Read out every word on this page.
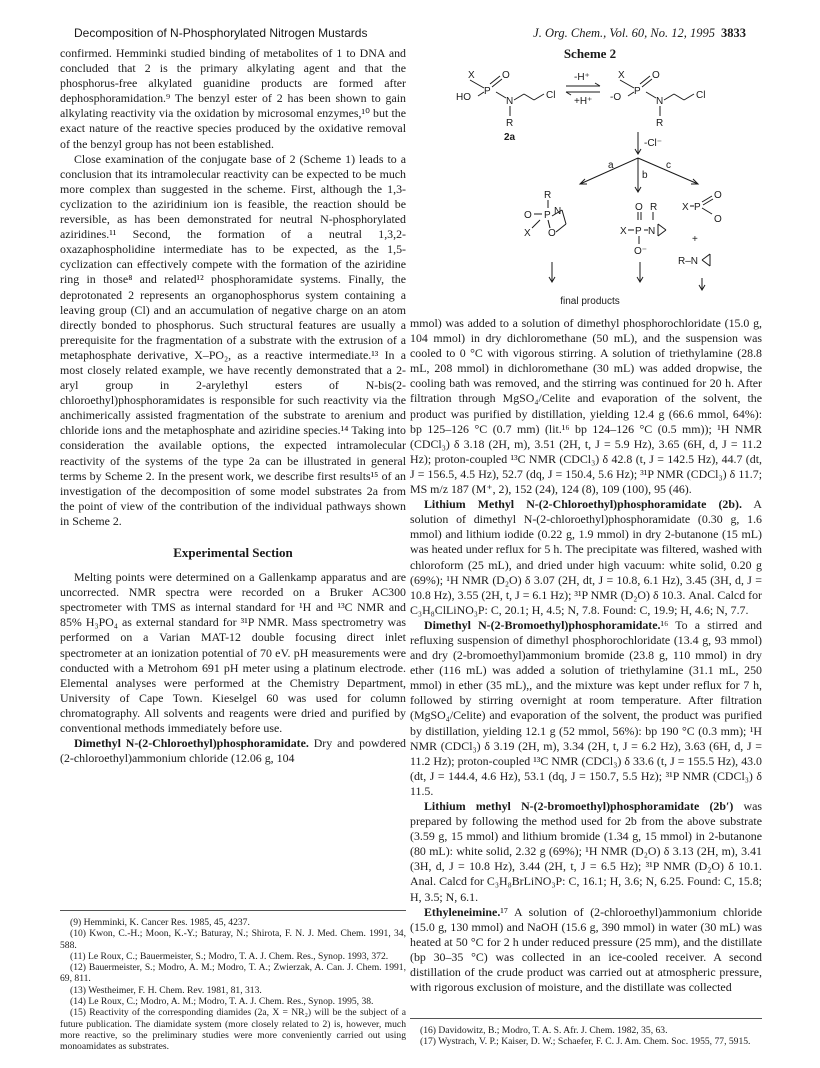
Decomposition of N-Phosphorylated Nitrogen Mustards	J. Org. Chem., Vol. 60, No. 12, 1995 3833

confirmed. Hemminki studied binding of metabolites of 1 to DNA and concluded that 2 is the primary alkylating agent and that the phosphorus-free alkylated guanidine products are formed after dephosphoramidation.⁹ The benzyl ester of 2 has been shown to gain alkylating reactivity via the oxidation by microsomal enzymes,¹⁰ but the exact nature of the reactive species produced by the oxidative removal of the benzyl group has not been established.

Close examination of the conjugate base of 2 (Scheme 1) leads to a conclusion that its intramolecular reactivity can be expected to be much more complex than suggested in the scheme. First, although the 1,3-cyclization to the aziridinium ion is feasible, the reaction should be reversible, as has been demonstrated for neutral N-phosphorylated aziridines.¹¹ Second, the formation of a neutral 1,3,2-oxazaphospholidine intermediate has to be expected, as the 1,5-cyclization can effectively compete with the formation of the aziridine ring in those⁸ and related¹² phosphoramidate systems. Finally, the deprotonated 2 represents an organophosphorus system containing a leaving group (Cl) and an accumulation of negative charge on an atom directly bonded to phosphorus. Such structural features are usually a prerequisite for the fragmentation of a substrate with the extrusion of a metaphosphate derivative, X–PO₂, as a reactive intermediate.¹³ In a most closely related example, we have recently demonstrated that a 2-aryl group in 2-arylethyl esters of N-bis(2-chloroethyl)phosphoramidates is responsible for such reactivity via the anchimerically assisted fragmentation of the substrate to arenium and chloride ions and the metaphosphate and aziridine species.¹⁴ Taking into consideration the available options, the expected intramolecular reactivity of the systems of the type 2a can be illustrated in general terms by Scheme 2. In the present work, we describe first results¹⁵ of an investigation of the decomposition of some model substrates 2a from the point of view of the contribution of the individual pathways shown in Scheme 2.

Experimental Section

Melting points were determined on a Gallenkamp apparatus and are uncorrected. NMR spectra were recorded on a Bruker AC300 spectrometer with TMS as internal standard for ¹H and ¹³C NMR and 85% H₃PO₄ as external standard for ³¹P NMR. Mass spectrometry was performed on a Varian MAT-12 double focusing direct inlet spectrometer at an ionization potential of 70 eV. pH measurements were conducted with a Metrohom 691 pH meter using a platinum electrode. Elemental analyses were performed at the Chemistry Department, University of Cape Town. Kieselgel 60 was used for column chromatography. All solvents and reagents were dried and purified by conventional methods immediately before use.

Dimethyl N-(2-Chloroethyl)phosphoramidate. Dry and powdered (2-chloroethyl)ammonium chloride (12.06 g, 104

(9) Hemminki, K. Cancer Res. 1985, 45, 4237.
(10) Kwon, C.-H.; Moon, K.-Y.; Baturay, N.; Shirota, F. N. J. Med. Chem. 1991, 34, 588.
(11) Le Roux, C.; Bauermeister, S.; Modro, T. A. J. Chem. Res., Synop. 1993, 372.
(12) Bauermeister, S.; Modro, A. M.; Modro, T. A.; Zwierzak, A. Can. J. Chem. 1991, 69, 811.
(13) Westheimer, F. H. Chem. Rev. 1981, 81, 313.
(14) Le Roux, C.; Modro, A. M.; Modro, T. A. J. Chem. Res., Synop. 1995, 38.
(15) Reactivity of the corresponding diamides (2a, X = NR₂) will be the subject of a future publication. The diamidate system (more closely related to 2) is, however, much more reactive, so the preliminary studies were more conveniently carried out using monoamidates as substrates.
Scheme 2
X	O
P
HO	N
Cl
R
2a
-H⁺
+H⁺
X	O
P
-O	N
Cl
R
-Cl⁻
a
b
c
R
O P N
X O
X P
O
O
O R
X P N
O⁻
+
R–N
final products

mmol) was added to a solution of dimethyl phosphorochloridate (15.0 g, 104 mmol) in dry dichloromethane (50 mL), and the suspension was cooled to 0 °C with vigorous stirring. A solution of triethylamine (28.8 mL, 208 mmol) in dichloromethane (30 mL) was added dropwise, the cooling bath was removed, and the stirring was continued for 20 h. After filtration through MgSO₄/Celite and evaporation of the solvent, the product was purified by distillation, yielding 12.4 g (66.6 mmol, 64%): bp 125–126 °C (0.7 mm) (lit.¹⁶ bp 124–126 °C (0.5 mm)); ¹H NMR (CDCl₃) δ 3.18 (2H, m), 3.51 (2H, t, J = 5.9 Hz), 3.65 (6H, d, J = 11.2 Hz); proton-coupled ¹³C NMR (CDCl₃) δ 42.8 (t, J = 142.5 Hz), 44.7 (dt, J = 156.5, 4.5 Hz), 52.7 (dq, J = 150.4, 5.6 Hz); ³¹P NMR (CDCl₃) δ 11.7; MS m/z 187 (M⁺, 2), 152 (24), 124 (8), 109 (100), 95 (46).

Lithium Methyl N-(2-Chloroethyl)phosphoramidate (2b). A solution of dimethyl N-(2-chloroethyl)phosphoramidate (0.30 g, 1.6 mmol) and lithium iodide (0.22 g, 1.9 mmol) in dry 2-butanone (15 mL) was heated under reflux for 5 h. The precipitate was filtered, washed with chloroform (25 mL), and dried under high vacuum: white solid, 0.20 g (69%); ¹H NMR (D₂O) δ 3.07 (2H, dt, J = 10.8, 6.1 Hz), 3.45 (3H, d, J = 10.8 Hz), 3.55 (2H, t, J = 6.1 Hz); ³¹P NMR (D₂O) δ 10.3. Anal. Calcd for C₃H₈ClLiNO₃P: C, 20.1; H, 4.5; N, 7.8. Found: C, 19.9; H, 4.6; N, 7.7.

Dimethyl N-(2-Bromoethyl)phosphoramidate.¹⁶ To a stirred and refluxing suspension of dimethyl phosphorochloridate (13.4 g, 93 mmol) and dry (2-bromoethyl)ammonium bromide (23.8 g, 110 mmol) in dry ether (116 mL) was added a solution of triethylamine (31.1 mL, 250 mmol) in ether (35 mL),, and the mixture was kept under reflux for 7 h, followed by stirring overnight at room temperature. After filtration (MgSO₄/Celite) and evaporation of the solvent, the product was purified by distillation, yielding 12.1 g (52 mmol, 56%): bp 190 °C (0.3 mm); ¹H NMR (CDCl₃) δ 3.19 (2H, m), 3.34 (2H, t, J = 6.2 Hz), 3.63 (6H, d, J = 11.2 Hz); proton-coupled ¹³C NMR (CDCl₃) δ 33.6 (t, J = 155.5 Hz), 43.0 (dt, J = 144.4, 4.6 Hz), 53.1 (dq, J = 150.7, 5.5 Hz); ³¹P NMR (CDCl₃) δ 11.5.

Lithium methyl N-(2-bromoethyl)phosphoramidate (2b′) was prepared by following the method used for 2b from the above substrate (3.59 g, 15 mmol) and lithium bromide (1.34 g, 15 mmol) in 2-butanone (80 mL): white solid, 2.32 g (69%); ¹H NMR (D₂O) δ 3.13 (2H, m), 3.41 (3H, d, J = 10.8 Hz), 3.44 (2H, t, J = 6.5 Hz); ³¹P NMR (D₂O) δ 10.1. Anal. Calcd for C₃H₈BrLiNO₃P: C, 16.1; H, 3.6; N, 6.25. Found: C, 15.8; H, 3.5; N, 6.1.

Ethyleneimine.¹⁷ A solution of (2-chloroethyl)ammonium chloride (15.0 g, 130 mmol) and NaOH (15.6 g, 390 mmol) in water (30 mL) was heated at 50 °C for 2 h under reduced pressure (25 mm), and the distillate (bp 30–35 °C) was collected in an ice-cooled receiver. A second distillation of the crude product was carried out at atmospheric pressure, with rigorous exclusion of moisture, and the distillate was collected

(16) Davidowitz, B.; Modro, T. A. S. Afr. J. Chem. 1982, 35, 63.
(17) Wystrach, V. P.; Kaiser, D. W.; Schaefer, F. C. J. Am. Chem. Soc. 1955, 77, 5915.
